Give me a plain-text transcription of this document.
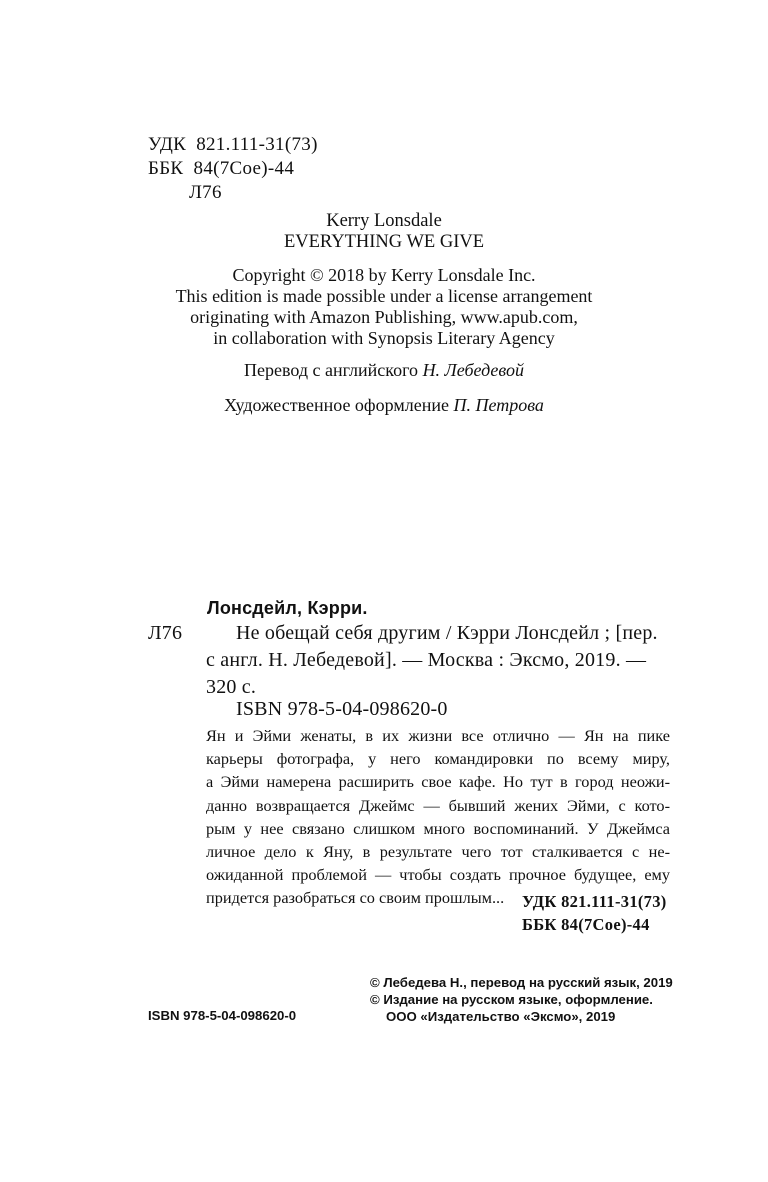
УДК 821.111-31(73)
ББК 84(7Сое)-44
Л76
Kerry Lonsdale
EVERYTHING WE GIVE
Copyright © 2018 by Kerry Lonsdale Inc.
This edition is made possible under a license arrangement
originating with Amazon Publishing, www.apub.com,
in collaboration with Synopsis Literary Agency
Перевод с английского Н. Лебедевой
Художественное оформление П. Петрова
Лонсдейл, Кэрри.
Л76	Не обещай себя другим / Кэрри Лонсдейл ; [пер.
с англ. Н. Лебедевой]. — Москва : Эксмо, 2019. —
320 с.
ISBN 978-5-04-098620-0
Ян и Эйми женаты, в их жизни все отлично — Ян на пике
карьеры фотографа, у него командировки по всему миру,
а Эйми намерена расширить свое кафе. Но тут в город неожи-
данно возвращается Джеймс — бывший жених Эйми, с кото-
рым у нее связано слишком много воспоминаний. У Джеймса
личное дело к Яну, в результате чего тот сталкивается с не-
ожиданной проблемой — чтобы создать прочное будущее, ему
придется разобраться со своим прошлым...	УДК 821.111-31(73)
ББК 84(7Сое)-44
ISBN 978-5-04-098620-0
© Лебедева Н., перевод на русский язык, 2019
© Издание на русском языке, оформление.
ООО «Издательство «Эксмо», 2019
